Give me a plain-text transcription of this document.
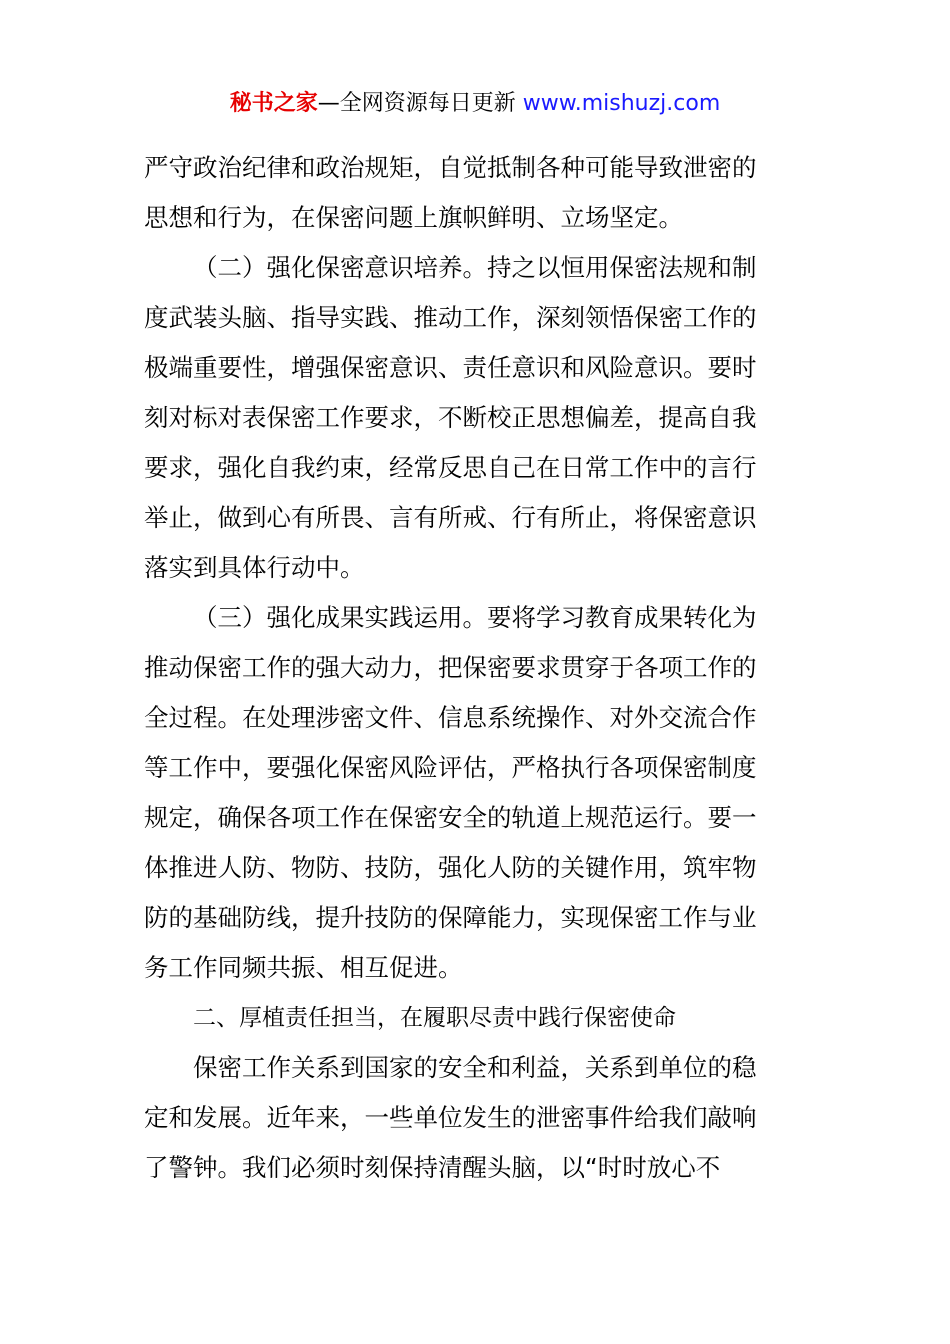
秘书之家—全网资源每日更新 www.mishuzj.com
严守政治纪律和政治规矩，自觉抵制各种可能导致泄密的
思想和行为，在保密问题上旗帜鲜明、立场坚定。
（二）强化保密意识培养。持之以恒用保密法规和制
度武装头脑、指导实践、推动工作，深刻领悟保密工作的
极端重要性，增强保密意识、责任意识和风险意识。要时
刻对标对表保密工作要求，不断校正思想偏差，提高自我
要求，强化自我约束，经常反思自己在日常工作中的言行
举止，做到心有所畏、言有所戒、行有所止，将保密意识
落实到具体行动中。
（三）强化成果实践运用。要将学习教育成果转化为
推动保密工作的强大动力，把保密要求贯穿于各项工作的
全过程。在处理涉密文件、信息系统操作、对外交流合作
等工作中，要强化保密风险评估，严格执行各项保密制度
规定，确保各项工作在保密安全的轨道上规范运行。要一
体推进人防、物防、技防，强化人防的关键作用，筑牢物
防的基础防线，提升技防的保障能力，实现保密工作与业
务工作同频共振、相互促进。
二、厚植责任担当，在履职尽责中践行保密使命
保密工作关系到国家的安全和利益，关系到单位的稳
定和发展。近年来，一些单位发生的泄密事件给我们敲响
了警钟。我们必须时刻保持清醒头脑，以“时时放心不
